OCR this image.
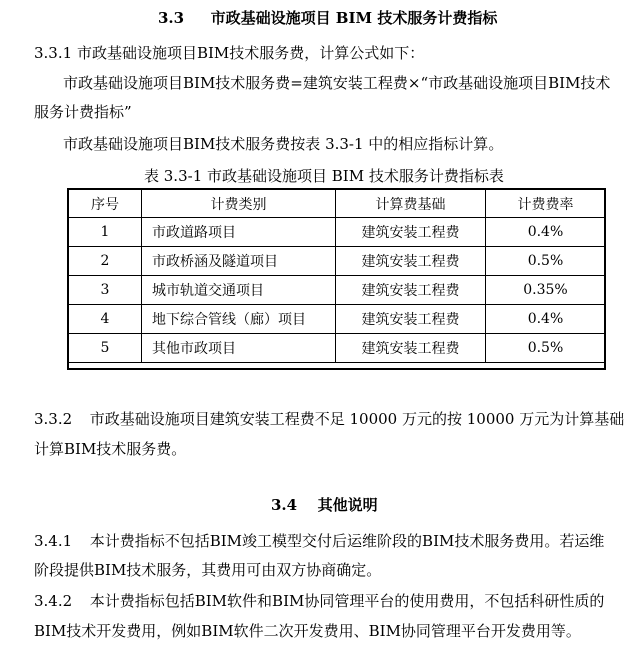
3.3 市政基础设施项目 BIM 技术服务计费指标
3.3.1 市政基础设施项目BIM技术服务费，计算公式如下：
市政基础设施项目BIM技术服务费=建筑安装工程费×“市政基础设施项目BIM技术
服务计费指标”
市政基础设施项目BIM技术服务费按表 3.3-1 中的相应指标计算。
表 3.3-1 市政基础设施项目 BIM 技术服务计费指标表
序号	计费类别	计算费基础	计费费率
1	市政道路项目	建筑安装工程费	0.4%
2	市政桥涵及隧道项目	建筑安装工程费	0.5%
3	城市轨道交通项目	建筑安装工程费	0.35%
4	地下综合管线（廊）项目	建筑安装工程费	0.4%
5	其他市政项目	建筑安装工程费	0.5%
3.3.2 市政基础设施项目建筑安装工程费不足 10000 万元的按 10000 万元为计算基础
计算BIM技术服务费。
3.4 其他说明
3.4.1 本计费指标不包括BIM竣工模型交付后运维阶段的BIM技术服务费用。若运维
阶段提供BIM技术服务，其费用可由双方协商确定。
3.4.2 本计费指标包括BIM软件和BIM协同管理平台的使用费用，不包括科研性质的
BIM技术开发费用，例如BIM软件二次开发费用、BIM协同管理平台开发费用等。
